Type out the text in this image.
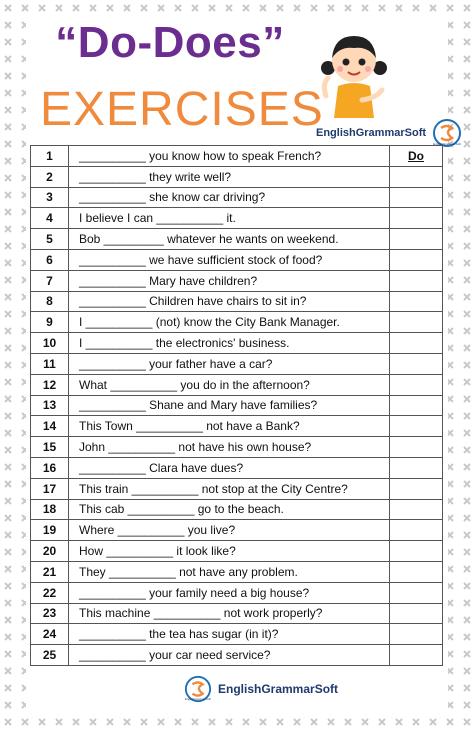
“Do-Does”
EXERCISES
EnglishGrammarSoft
EnglishGrammarSoft
1	__________ you know how to speak French?	Do
2	__________ they write well?	
3	__________ she know car driving?	
4	I believe I can __________ it.	
5	Bob _________ whatever he wants on weekend.	
6	__________ we have sufficient stock of food?	
7	__________ Mary have children?	
8	__________ Children have chairs to sit in?	
9	I __________ (not) know the City Bank Manager.	
10	I __________ the electronics' business.	
11	__________ your father have a car?	
12	What __________ you do in the afternoon?	
13	__________ Shane and Mary have families?	
14	This Town __________ not have a Bank?	
15	John __________ not have his own house?	
16	__________ Clara have dues?	
17	This train __________ not stop at the City Centre?	
18	This cab __________ go to the beach.	
19	Where __________ you live?	
20	How __________ it look like?	
21	They __________ not have any problem.	
22	__________ your family need a big house?	
23	This machine __________ not work properly?	
24	__________ the tea has sugar (in it)?	
25	__________ your car need service?	
EnglishGrammarSoft
EnglishGrammarSoft
